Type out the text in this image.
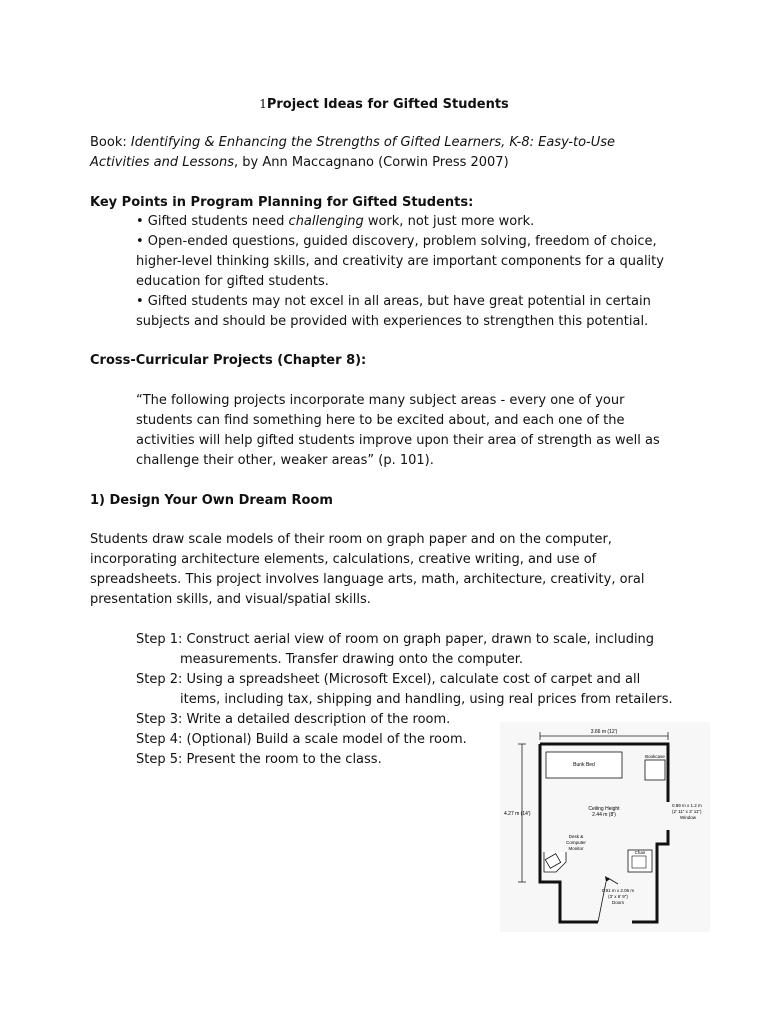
1Project Ideas for Gifted Students

Book: Identifying & Enhancing the Strengths of Gifted Learners, K-8: Easy-to-Use

Activities and Lessons, by Ann Maccagnano (Corwin Press 2007)

Key Points in Program Planning for Gifted Students:

• Gifted students need challenging work, not just more work.

• Open-ended questions, guided discovery, problem solving, freedom of choice,

higher-level thinking skills, and creativity are important components for a quality

education for gifted students.

• Gifted students may not excel in all areas, but have great potential in certain

subjects and should be provided with experiences to strengthen this potential.

Cross-Curricular Projects (Chapter 8):

“The following projects incorporate many subject areas - every one of your

students can find something here to be excited about, and each one of the

activities will help gifted students improve upon their area of strength as well as

challenge their other, weaker areas” (p. 101).

1) Design Your Own Dream Room

Students draw scale models of their room on graph paper and on the computer,

incorporating architecture elements, calculations, creative writing, and use of

spreadsheets. This project involves language arts, math, architecture, creativity, oral

presentation skills, and visual/spatial skills.

Step 1: Construct aerial view of room on graph paper, drawn to scale, including

measurements. Transfer drawing onto the computer.

Step 2: Using a spreadsheet (Microsoft Excel), calculate cost of carpet and all

items, including tax, shipping and handling, using real prices from retailers.

Step 3: Write a detailed description of the room.

Step 4: (Optional) Build a scale model of the room.

Step 5: Present the room to the class.

3.66 m (12')
4.27 m (14')
Bunk Bed
Bookcase
Ceiling Height
2.44 m (8')
0.89 m x 1.2 m
(2' 11" x 3' 11")
Window
Desk &
Computer
Monitor
Chair
0.91 m x 2.06 m
(3' x 6' 9")
Doors
